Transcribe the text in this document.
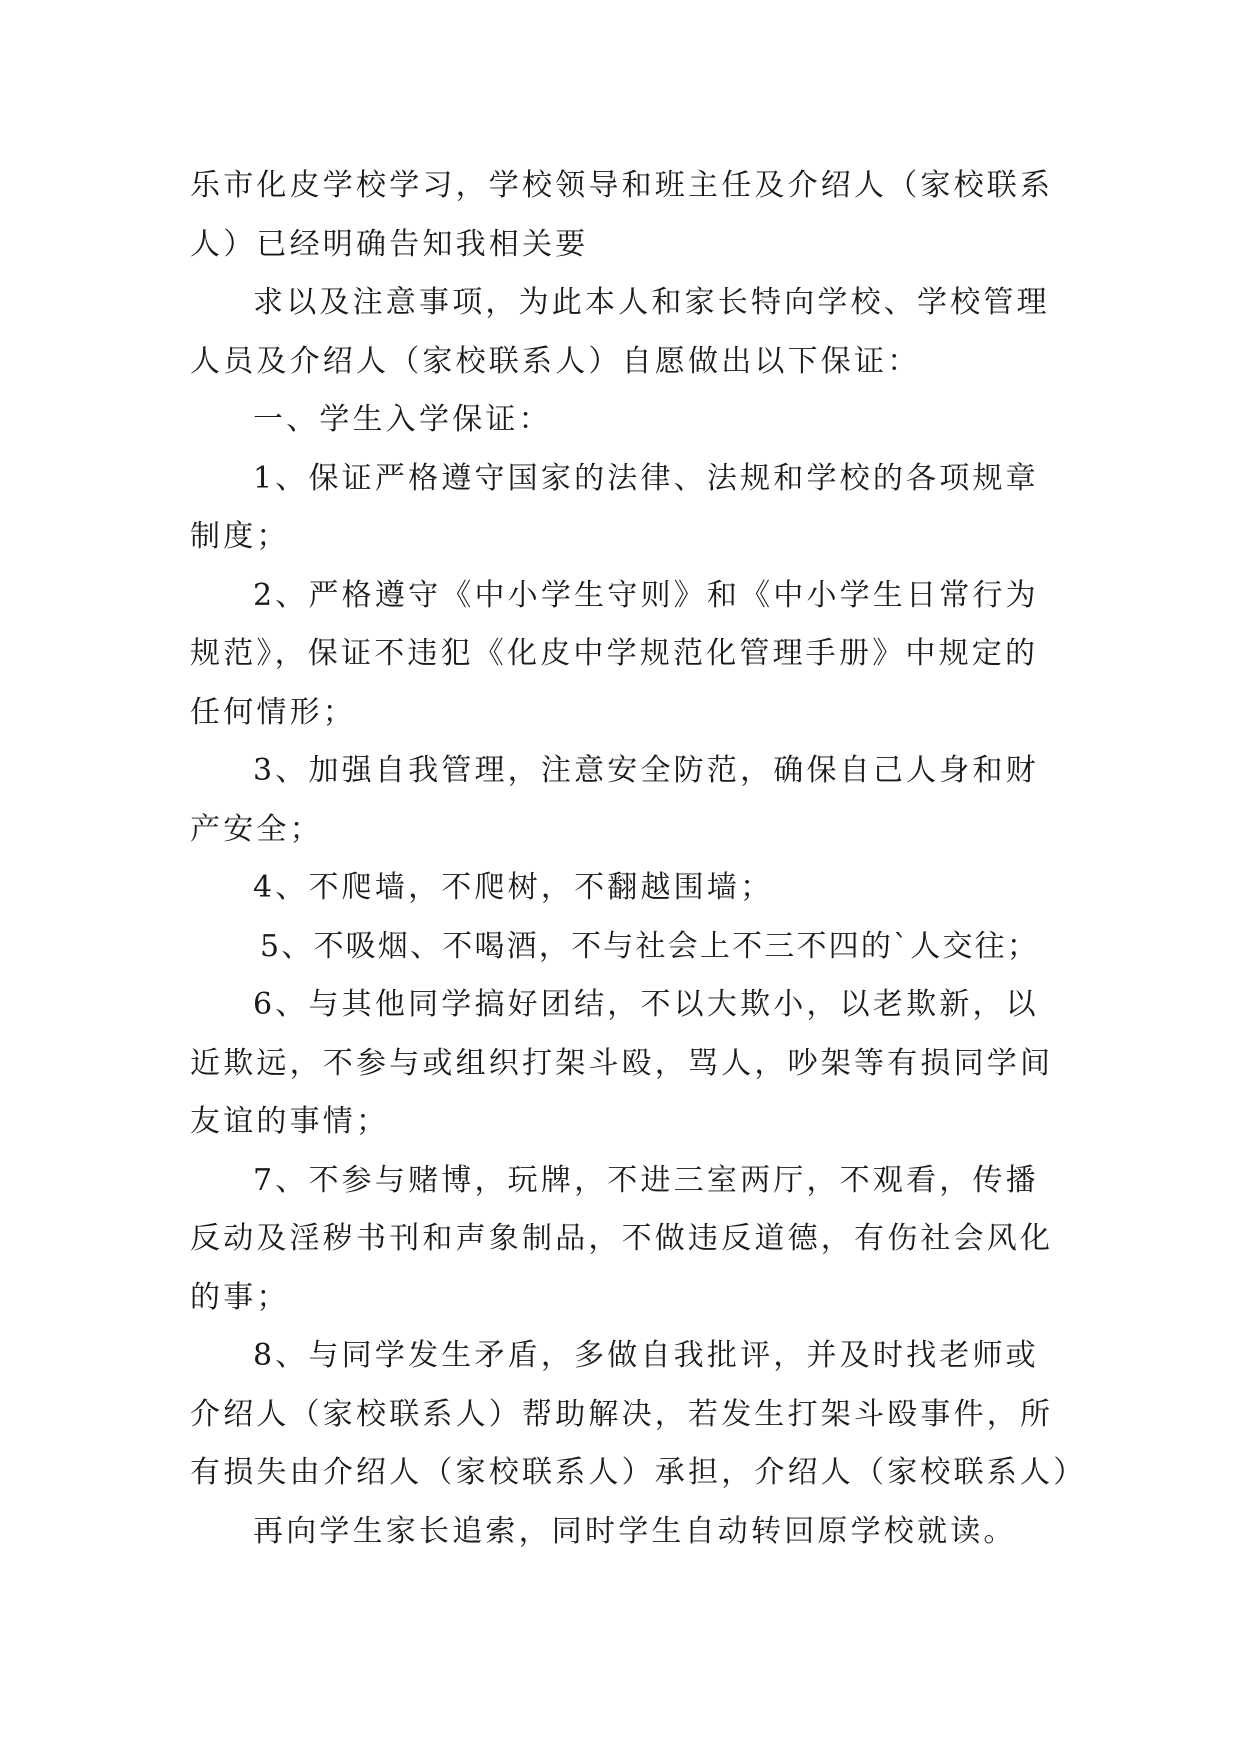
乐市化皮学校学习，学校领导和班主任及介绍人（家校联系
人）已经明确告知我相关要
求以及注意事项，为此本人和家长特向学校、学校管理
人员及介绍人（家校联系人）自愿做出以下保证：
一、学生入学保证：
1、保证严格遵守国家的法律、法规和学校的各项规章
制度；
2、严格遵守《中小学生守则》和《中小学生日常行为
规范》，保证不违犯《化皮中学规范化管理手册》中规定的
任何情形；
3、加强自我管理，注意安全防范，确保自己人身和财
产安全；
4、不爬墙，不爬树，不翻越围墙；
5、不吸烟、不喝酒，不与社会上不三不四的`人交往；
6、与其他同学搞好团结，不以大欺小，以老欺新，以
近欺远，不参与或组织打架斗殴，骂人，吵架等有损同学间
友谊的事情；
7、不参与赌博，玩牌，不进三室两厅，不观看，传播
反动及淫秽书刊和声象制品，不做违反道德，有伤社会风化
的事；
8、与同学发生矛盾，多做自我批评，并及时找老师或
介绍人（家校联系人）帮助解决，若发生打架斗殴事件，所
有损失由介绍人（家校联系人）承担，介绍人（家校联系人）
再向学生家长追索，同时学生自动转回原学校就读。
